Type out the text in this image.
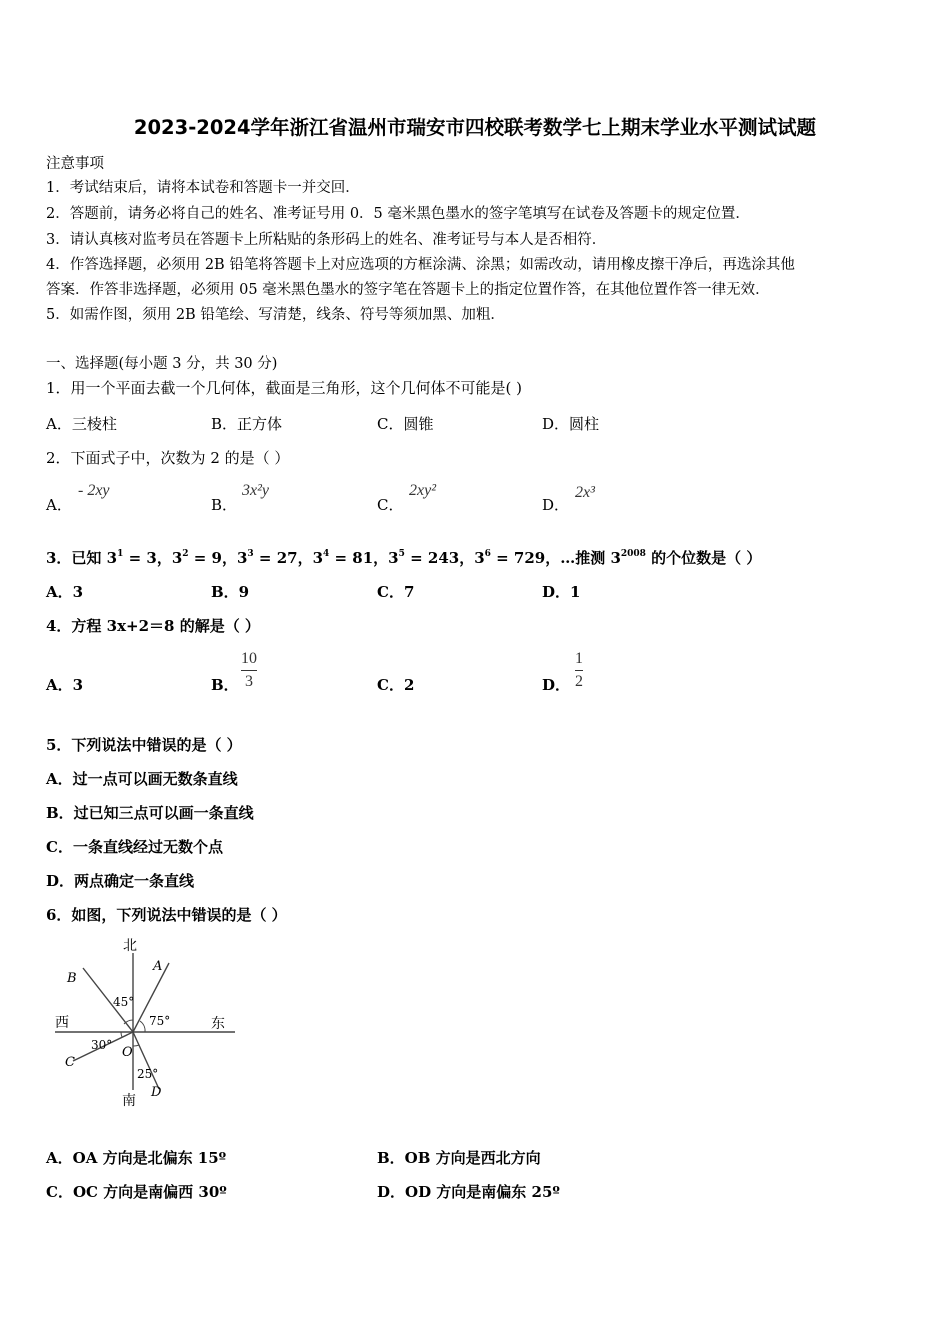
2023-2024学年浙江省温州市瑞安市四校联考数学七上期末学业水平测试试题
注意事项
1．考试结束后，请将本试卷和答题卡一并交回．
2．答题前，请务必将自己的姓名、准考证号用 0．5 毫米黑色墨水的签字笔填写在试卷及答题卡的规定位置．
3．请认真核对监考员在答题卡上所粘贴的条形码上的姓名、准考证号与本人是否相符．
4．作答选择题，必须用 2B 铅笔将答题卡上对应选项的方框涂满、涂黑；如需改动，请用橡皮擦干净后，再选涂其他
答案．作答非选择题，必须用 05 毫米黑色墨水的签字笔在答题卡上的指定位置作答，在其他位置作答一律无效．
5．如需作图，须用 2B 铅笔绘、写清楚，线条、符号等须加黑、加粗．
一、选择题(每小题 3 分，共 30 分)
1．用一个平面去截一个几何体，截面是三角形，这个几何体不可能是( )
A．三棱柱	B．正方体	C．圆锥	D．圆柱
2．下面式子中，次数为 2 的是（ ）
A．
- 2xy
B．
3x²y
C．
2xy²
D．
2x³
3．已知 $3^1 = 3$，$3^2 = 9$，$3^3 = 27$，$3^4 = 81$，$3^5 = 243$，$3^6 = 729$，…推测 $3^{2008}$ 的个位数是（ ）
A．3	B．9	C．7	D．1
4．方程 3x+2＝8 的解是（ ）
A．3	B．
10
3	C．2	D．
1
2
5．下列说法中错误的是（ ）
A．过一点可以画无数条直线
B．过已知三点可以画一条直线
C．一条直线经过无数个点
D．两点确定一条直线
6．如图，下列说法中错误的是（ ）
北
南
西	东
A
B
C
D
O
45°
75°
30°
25°
A．OA 方向是北偏东 15º	B．OB 方向是西北方向
C．OC 方向是南偏西 30º	D．OD 方向是南偏东 25º
